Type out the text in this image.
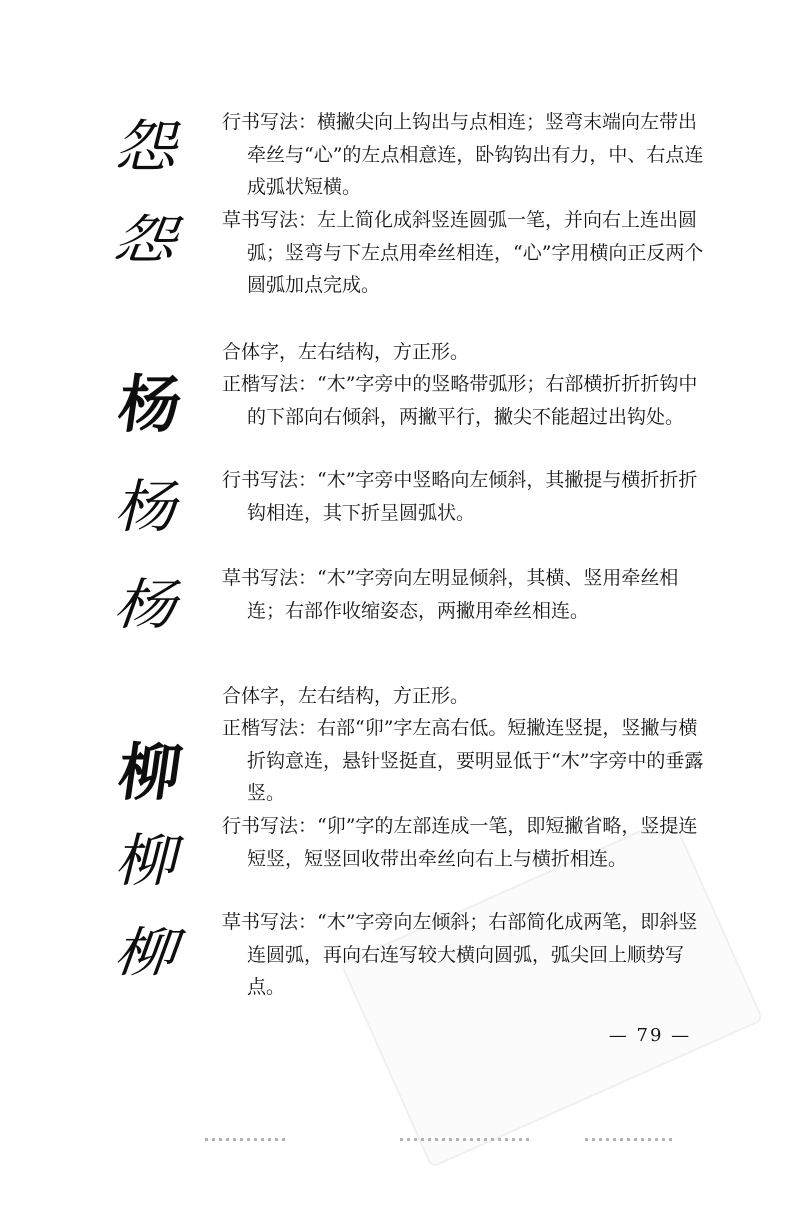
怨
怨
行书写法：横撇尖向上钩出与点相连；竖弯末端向左带出牵丝与“心”的左点相意连，卧钩钩出有力，中、右点连成弧状短横。
草书写法：左上简化成斜竖连圆弧一笔，并向右上连出圆弧；竖弯与下左点用牵丝相连，“心”字用横向正反两个圆弧加点完成。
合体字，左右结构，方正形。
杨
杨
杨
正楷写法：“木”字旁中的竖略带弧形；右部横折折折钩中的下部向右倾斜，两撇平行，撇尖不能超过出钩处。
行书写法：“木”字旁中竖略向左倾斜，其撇提与横折折折钩相连，其下折呈圆弧状。
草书写法：“木”字旁向左明显倾斜，其横、竖用牵丝相连；右部作收缩姿态，两撇用牵丝相连。
合体字，左右结构，方正形。
柳
柳
柳
正楷写法：右部“卯”字左高右低。短撇连竖提，竖撇与横折钩意连，悬针竖挺直，要明显低于“木”字旁中的垂露竖。
行书写法：“卯”字的左部连成一笔，即短撇省略，竖提连短竖，短竖回收带出牵丝向右上与横折相连。
草书写法：“木”字旁向左倾斜；右部简化成两笔，即斜竖连圆弧，再向右连写较大横向圆弧，弧尖回上顺势写点。
— 79 —
